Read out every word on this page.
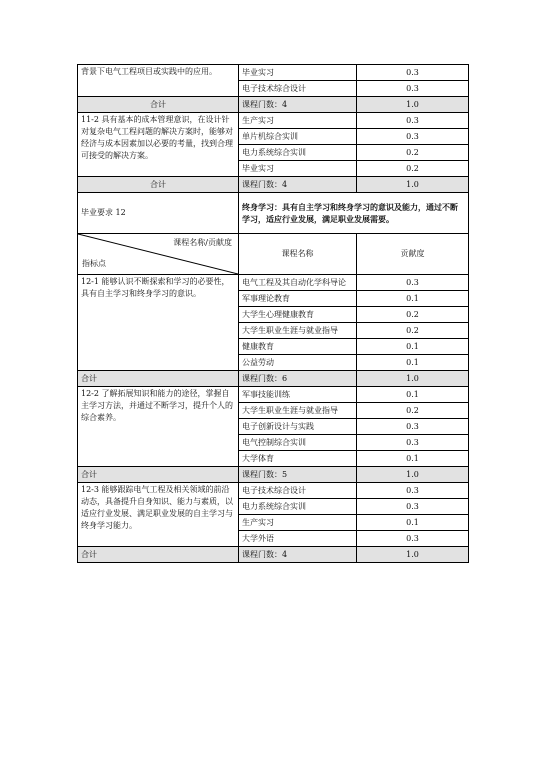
背景下电气工程项目或实践中的应用。	毕业实习	0.3
	电子技术综合设计	0.3
合计	课程门数：4	1.0
11-2 具有基本的成本管理意识，在设计针对复杂电气工程问题的解决方案时，能够对经济与成本因素加以必要的考量，找到合理可接受的解决方案。	生产实习	0.3
	单片机综合实训	0.3
	电力系统综合实训	0.2
	毕业实习	0.2
合计	课程门数：4	1.0
毕业要求 12	终身学习：具有自主学习和终身学习的意识及能力，通过不断学习，适应行业发展，满足职业发展需要。	

课程名称/贡献度
指标点	课程名称	贡献度
12-1 能够认识不断探索和学习的必要性，具有自主学习和终身学习的意识。	电气工程及其自动化学科导论	0.3
	军事理论教育	0.1
	大学生心理健康教育	0.2
	大学生职业生涯与就业指导	0.2
	健康教育	0.1
	公益劳动	0.1
合计	课程门数：6	1.0
12-2 了解拓展知识和能力的途径，掌握自主学习方法，并通过不断学习，提升个人的综合素养。	军事技能训练	0.1
	大学生职业生涯与就业指导	0.2
	电子创新设计与实践	0.3
	电气控制综合实训	0.3
	大学体育	0.1
合计	课程门数：5	1.0
12-3 能够跟踪电气工程及相关领域的前沿动态，具备提升自身知识、能力与素质，以适应行业发展、满足职业发展的自主学习与终身学习能力。	电子技术综合设计	0.3
	电力系统综合实训	0.3
	生产实习	0.1
	大学外语	0.3
合计	课程门数：4	1.0
